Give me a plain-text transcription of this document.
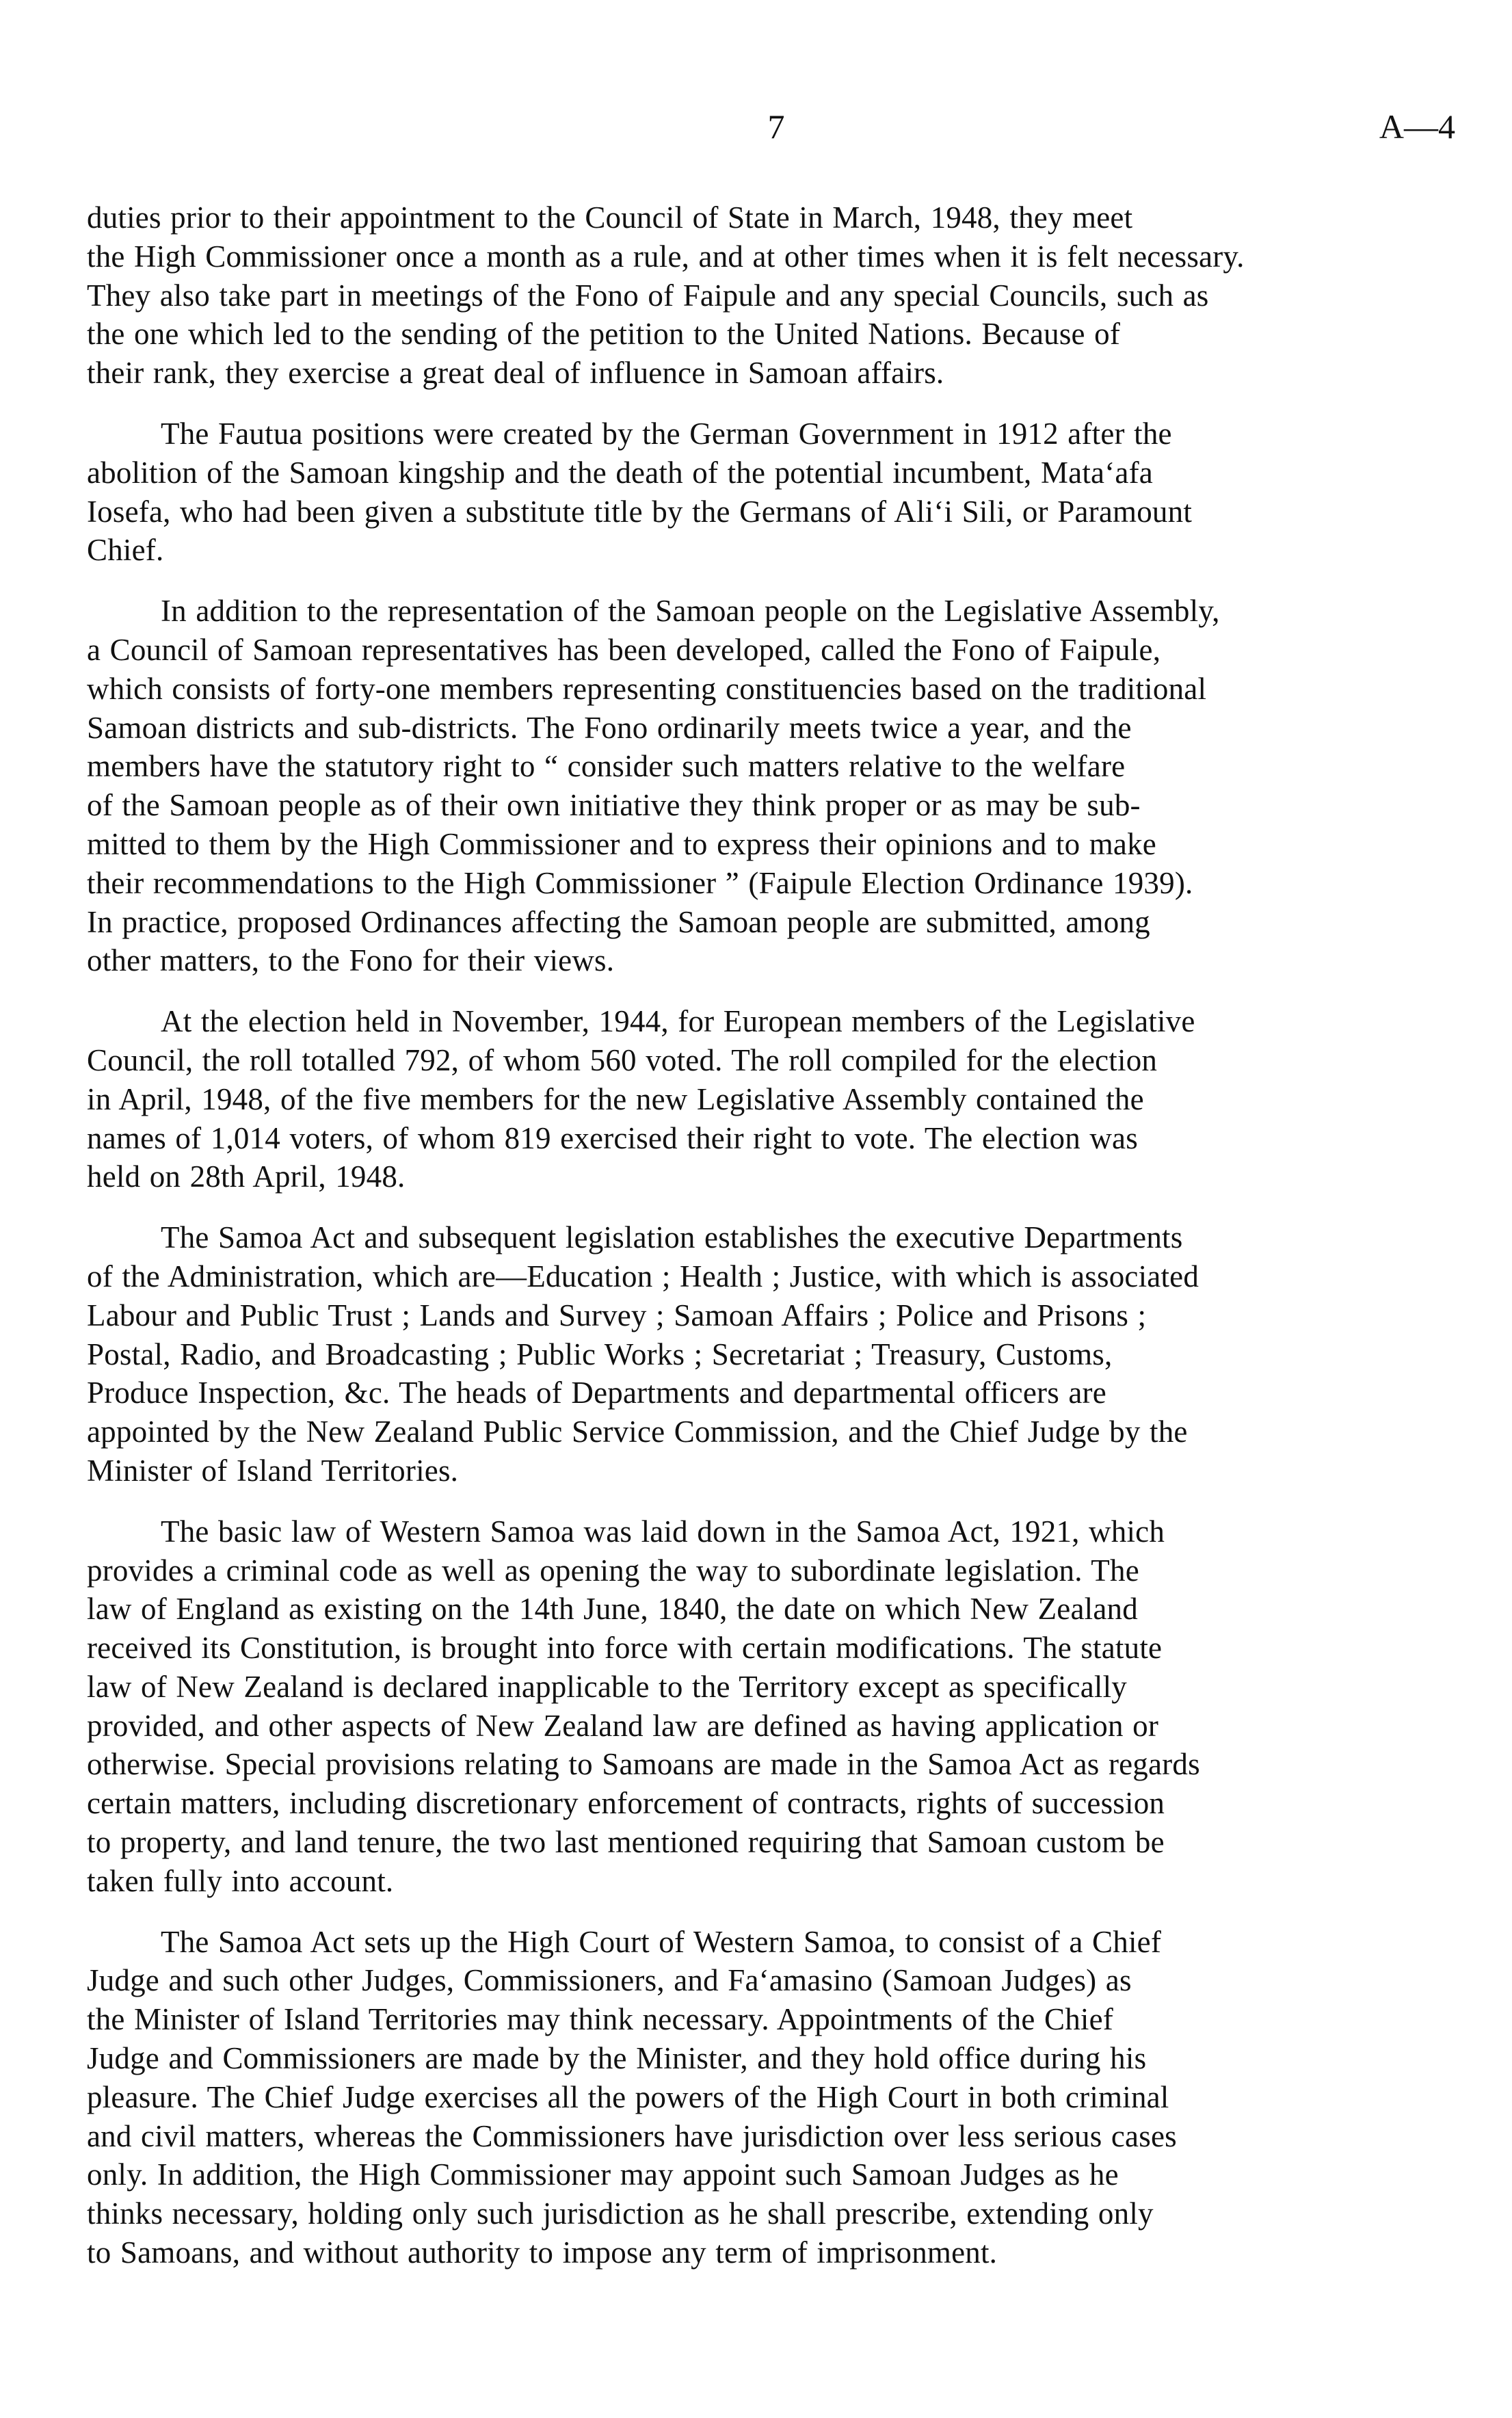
7	A—4
duties prior to their appointment to the Council of State in March, 1948, they meet
the High Commissioner once a month as a rule, and at other times when it is felt necessary.
They also take part in meetings of the Fono of Faipule and any special Councils, such as
the one which led to the sending of the petition to the United Nations. Because of
their rank, they exercise a great deal of influence in Samoan affairs.
The Fautua positions were created by the German Government in 1912 after the
abolition of the Samoan kingship and the death of the potential incumbent, Mata‘afa
Iosefa, who had been given a substitute title by the Germans of Ali‘i Sili, or Paramount
Chief.
In addition to the representation of the Samoan people on the Legislative Assembly,
a Council of Samoan representatives has been developed, called the Fono of Faipule,
which consists of forty-one members representing constituencies based on the traditional
Samoan districts and sub-districts. The Fono ordinarily meets twice a year, and the
members have the statutory right to “ consider such matters relative to the welfare
of the Samoan people as of their own initiative they think proper or as may be sub-
mitted to them by the High Commissioner and to express their opinions and to make
their recommendations to the High Commissioner ” (Faipule Election Ordinance 1939).
In practice, proposed Ordinances affecting the Samoan people are submitted, among
other matters, to the Fono for their views.
At the election held in November, 1944, for European members of the Legislative
Council, the roll totalled 792, of whom 560 voted. The roll compiled for the election
in April, 1948, of the five members for the new Legislative Assembly contained the
names of 1,014 voters, of whom 819 exercised their right to vote. The election was
held on 28th April, 1948.
The Samoa Act and subsequent legislation establishes the executive Departments
of the Administration, which are—Education ; Health ; Justice, with which is associated
Labour and Public Trust ; Lands and Survey ; Samoan Affairs ; Police and Prisons ;
Postal, Radio, and Broadcasting ; Public Works ; Secretariat ; Treasury, Customs,
Produce Inspection, &c. The heads of Departments and departmental officers are
appointed by the New Zealand Public Service Commission, and the Chief Judge by the
Minister of Island Territories.
The basic law of Western Samoa was laid down in the Samoa Act, 1921, which
provides a criminal code as well as opening the way to subordinate legislation. The
law of England as existing on the 14th June, 1840, the date on which New Zealand
received its Constitution, is brought into force with certain modifications. The statute
law of New Zealand is declared inapplicable to the Territory except as specifically
provided, and other aspects of New Zealand law are defined as having application or
otherwise. Special provisions relating to Samoans are made in the Samoa Act as regards
certain matters, including discretionary enforcement of contracts, rights of succession
to property, and land tenure, the two last mentioned requiring that Samoan custom be
taken fully into account.
The Samoa Act sets up the High Court of Western Samoa, to consist of a Chief
Judge and such other Judges, Commissioners, and Fa‘amasino (Samoan Judges) as
the Minister of Island Territories may think necessary. Appointments of the Chief
Judge and Commissioners are made by the Minister, and they hold office during his
pleasure. The Chief Judge exercises all the powers of the High Court in both criminal
and civil matters, whereas the Commissioners have jurisdiction over less serious cases
only. In addition, the High Commissioner may appoint such Samoan Judges as he
thinks necessary, holding only such jurisdiction as he shall prescribe, extending only
to Samoans, and without authority to impose any term of imprisonment.
